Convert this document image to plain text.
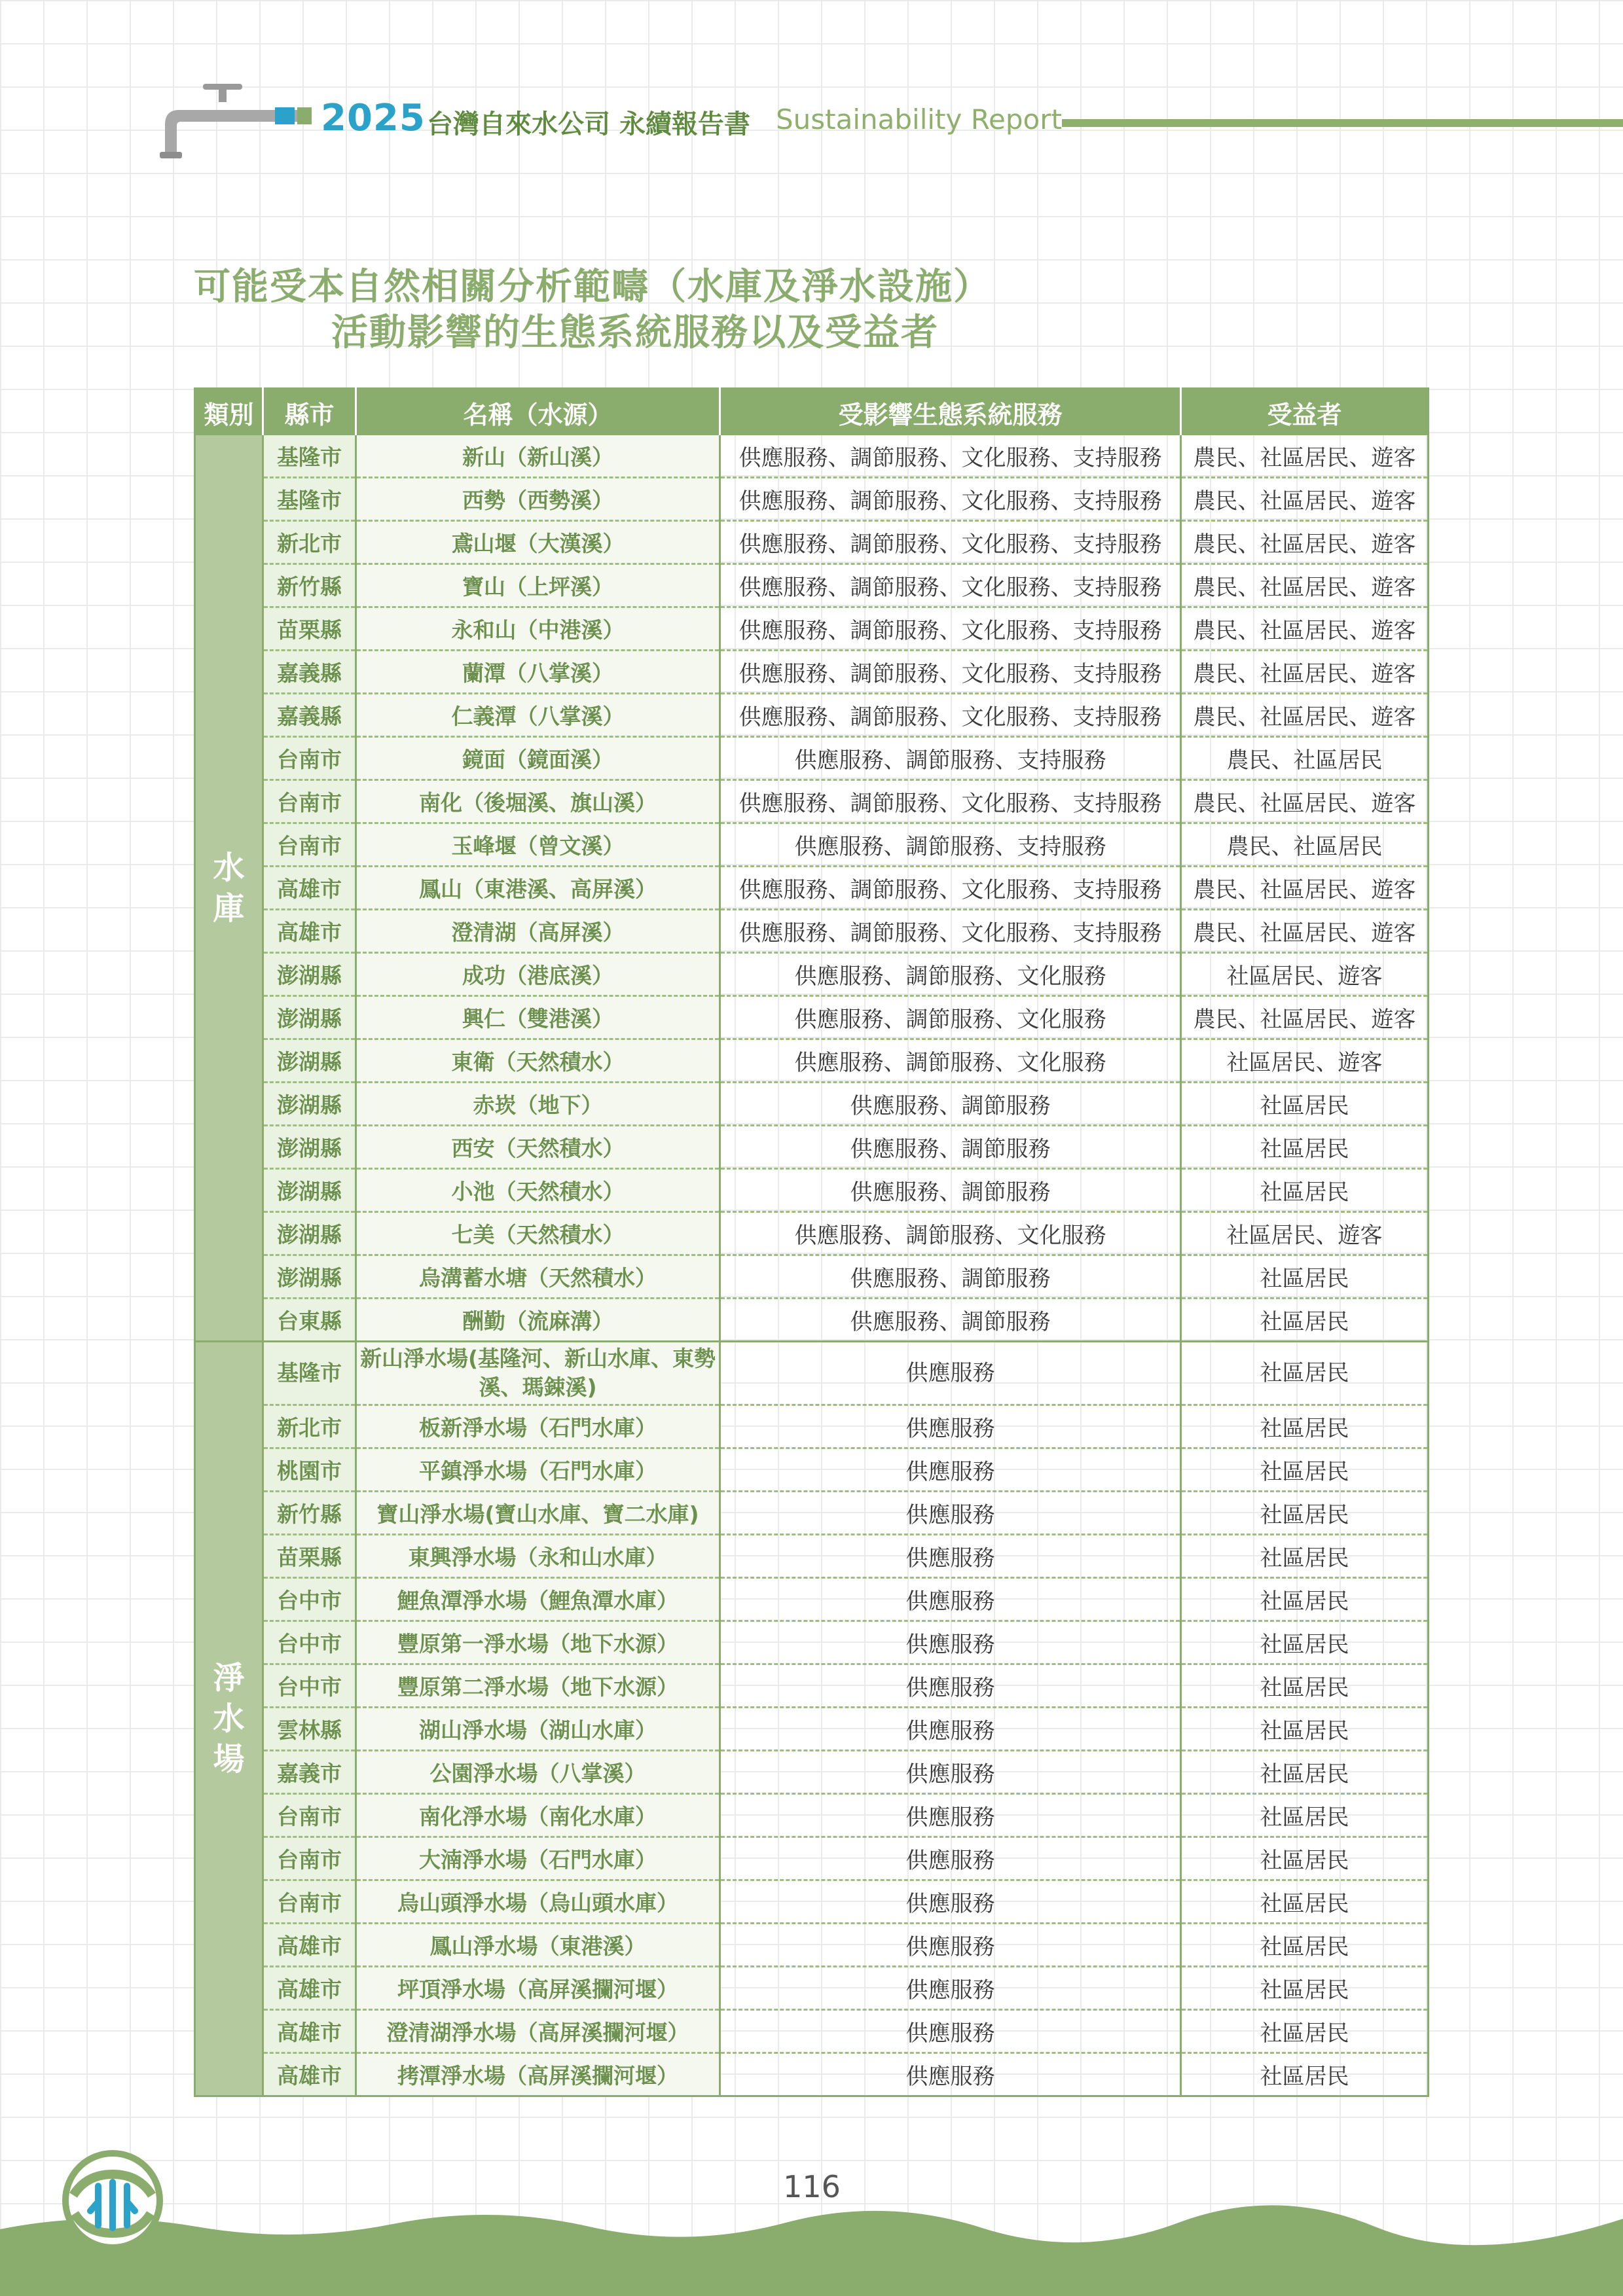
2025 台灣自來水公司 永續報告書 Sustainability Report
可能受本自然相關分析範疇（水庫及淨水設施）
活動影響的生態系統服務以及受益者
類別	縣市	名稱（水源）	受影響生態系統服務	受益者
水庫	基隆市	新山（新山溪）	供應服務、調節服務、文化服務、支持服務	農民、社區居民、遊客
	基隆市	西勢（西勢溪）	供應服務、調節服務、文化服務、支持服務	農民、社區居民、遊客
	新北市	鳶山堰（大漢溪）	供應服務、調節服務、文化服務、支持服務	農民、社區居民、遊客
	新竹縣	寶山（上坪溪）	供應服務、調節服務、文化服務、支持服務	農民、社區居民、遊客
	苗栗縣	永和山（中港溪）	供應服務、調節服務、文化服務、支持服務	農民、社區居民、遊客
	嘉義縣	蘭潭（八掌溪）	供應服務、調節服務、文化服務、支持服務	農民、社區居民、遊客
	嘉義縣	仁義潭（八掌溪）	供應服務、調節服務、文化服務、支持服務	農民、社區居民、遊客
	台南市	鏡面（鏡面溪）	供應服務、調節服務、支持服務	農民、社區居民
	台南市	南化（後堀溪、旗山溪）	供應服務、調節服務、文化服務、支持服務	農民、社區居民、遊客
	台南市	玉峰堰（曾文溪）	供應服務、調節服務、支持服務	農民、社區居民
	高雄市	鳳山（東港溪、高屏溪）	供應服務、調節服務、文化服務、支持服務	農民、社區居民、遊客
	高雄市	澄清湖（高屏溪）	供應服務、調節服務、文化服務、支持服務	農民、社區居民、遊客
	澎湖縣	成功（港底溪）	供應服務、調節服務、文化服務	社區居民、遊客
	澎湖縣	興仁（雙港溪）	供應服務、調節服務、文化服務	農民、社區居民、遊客
	澎湖縣	東衛（天然積水）	供應服務、調節服務、文化服務	社區居民、遊客
	澎湖縣	赤崁（地下）	供應服務、調節服務	社區居民
	澎湖縣	西安（天然積水）	供應服務、調節服務	社區居民
	澎湖縣	小池（天然積水）	供應服務、調節服務	社區居民
	澎湖縣	七美（天然積水）	供應服務、調節服務、文化服務	社區居民、遊客
	澎湖縣	烏溝蓄水塘（天然積水）	供應服務、調節服務	社區居民
	台東縣	酬勤（流麻溝）	供應服務、調節服務	社區居民
淨水場	基隆市	新山淨水場(基隆河、新山水庫、東勢溪、瑪鋉溪)	供應服務	社區居民
	新北市	板新淨水場（石門水庫）	供應服務	社區居民
	桃園市	平鎮淨水場（石門水庫）	供應服務	社區居民
	新竹縣	寶山淨水場(寶山水庫、寶二水庫)	供應服務	社區居民
	苗栗縣	東興淨水場（永和山水庫）	供應服務	社區居民
	台中市	鯉魚潭淨水場（鯉魚潭水庫）	供應服務	社區居民
	台中市	豐原第一淨水場（地下水源）	供應服務	社區居民
	台中市	豐原第二淨水場（地下水源）	供應服務	社區居民
	雲林縣	湖山淨水場（湖山水庫）	供應服務	社區居民
	嘉義市	公園淨水場（八掌溪）	供應服務	社區居民
	台南市	南化淨水場（南化水庫）	供應服務	社區居民
	台南市	大湳淨水場（石門水庫）	供應服務	社區居民
	台南市	烏山頭淨水場（烏山頭水庫）	供應服務	社區居民
	高雄市	鳳山淨水場（東港溪）	供應服務	社區居民
	高雄市	坪頂淨水場（高屏溪攔河堰）	供應服務	社區居民
	高雄市	澄清湖淨水場（高屏溪攔河堰）	供應服務	社區居民
	高雄市	拷潭淨水場（高屏溪攔河堰）	供應服務	社區居民
116
